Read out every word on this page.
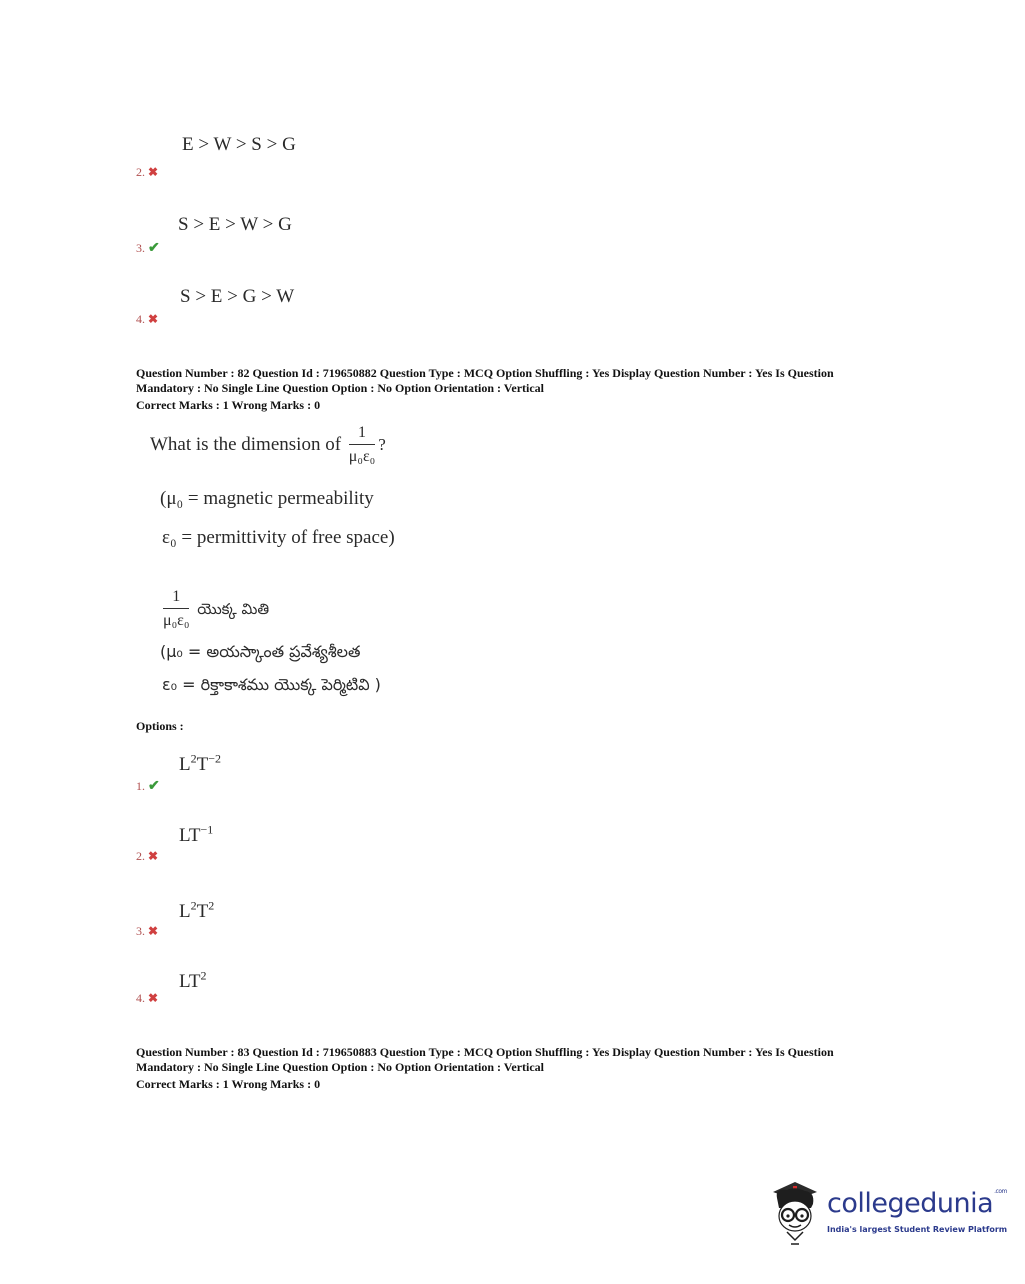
E > W > S > G
2. ✖
S > E > W > G
3. ✔
S > E > G > W
4. ✖
Question Number : 82 Question Id : 719650882 Question Type : MCQ Option Shuffling : Yes Display Question Number : Yes Is Question
Mandatory : No Single Line Question Option : No Option Orientation : Vertical
Correct Marks : 1 Wrong Marks : 0
What is the dimension of $\frac{1}{\text{μ₀ε₀}}$ ?
(μ₀ = magnetic permeability
ε₀ = permittivity of free space)
$\frac{1}{\text{μ₀ε₀}}$ యొక్క మితి
(μ₀ = అయస్కాంత ప్రవేశ్యశీలత
ε₀ = రిక్తాకాశము యొక్క పెర్మిటివి )
Options :
$L^2T^{-2}$
1. ✔
$LT^{-1}$
2. ✖
$L^2T^2$
3. ✖
$LT^2$
4. ✖
Question Number : 83 Question Id : 719650883 Question Type : MCQ Option Shuffling : Yes Display Question Number : Yes Is Question
Mandatory : No Single Line Question Option : No Option Orientation : Vertical
Correct Marks : 1 Wrong Marks : 0
collegedunia$^{.com}$
India's largest Student Review Platform
